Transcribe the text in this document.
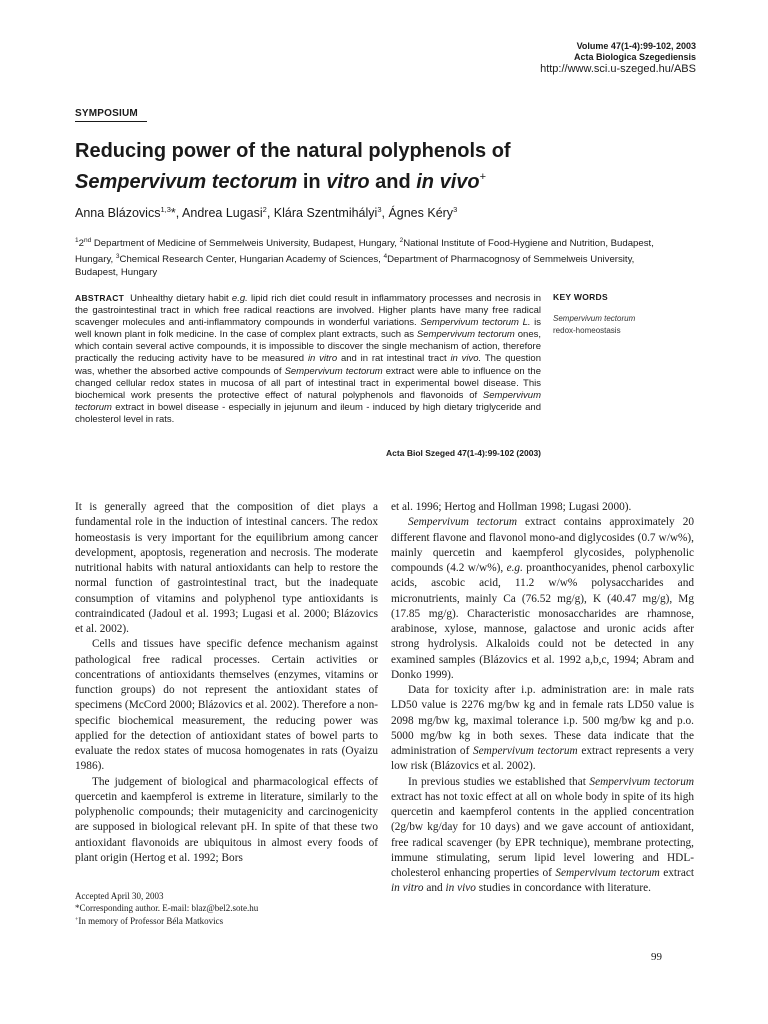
Volume 47(1-4):99-102, 2003
Acta Biologica Szegediensis
http://www.sci.u-szeged.hu/ABS
SYMPOSIUM
Reducing power of the natural polyphenols of
Sempervivum tectorum in vitro and in vivo+
Anna Blázovics$^{1,3}$*, Andrea Lugasi$^2$, Klára Szentmihályi$^3$, Ágnes Kéry$^3$
$^1$2nd Department of Medicine of Semmelweis University, Budapest, Hungary, $^2$National Institute of Food-Hygiene and Nutrition, Budapest, Hungary, $^3$Chemical Research Center, Hungarian Academy of Sciences, $^4$Department of Pharmacognosy of Semmelweis University, Budapest, Hungary
ABSTRACT Unhealthy dietary habit e.g. lipid rich diet could result in inflammatory processes and necrosis in the gastrointestinal tract in which free radical reactions are involved. Higher plants have many free radical scavenger molecules and anti-inflammatory compounds in wonderful variations. Sempervivum tectorum L. is well known plant in folk medicine. In the case of complex plant extracts, such as Sempervivum tectorum ones, which contain several active compounds, it is impossible to discover the single mechanism of action, therefore practically the reducing activity have to be measured in vitro and in rat intestinal tract in vivo. The question was, whether the absorbed active compounds of Sempervivum tectorum extract were able to influence on the changed cellular redox states in mucosa of all part of intestinal tract in experimental bowel disease. This biochemical work presents the protective effect of natural polyphenols and flavonoids of Sempervivum tectorum extract in bowel disease - especially in jejunum and ileum - induced by high dietary triglyceride and cholesterol level in rats.
Acta Biol Szeged 47(1-4):99-102 (2003)
KEY WORDS
Sempervivum tectorum
redox-homeostasis

It is generally agreed that the composition of diet plays a fundamental role in the induction of intestinal cancers. The redox homeostasis is very important for the equilibrium among cancer development, apoptosis, regeneration and necrosis. The moderate nutritional habits with natural antioxidants can help to restore the normal function of gastrointestinal tract, but the inadequate consumption of vitamins and polyphenol type antioxidants is contraindicated (Jadoul et al. 1993; Lugasi et al. 2000; Blázovics et al. 2002).

Cells and tissues have specific defence mechanism against pathological free radical processes. Certain activities or concentrations of antioxidants themselves (enzymes, vitamins or function groups) do not represent the antioxidant states of specimens (McCord 2000; Blázovics et al. 2002). Therefore a non-specific biochemical measurement, the reducing power was applied for the detection of antioxidant states of bowel parts to evaluate the redox states of mucosa homogenates in rats (Oyaizu 1986).

The judgement of biological and pharmacological effects of quercetin and kaempferol is extreme in literature, similarly to the polyphenolic compounds; their mutagenicity and carcinogenicity are supposed in biological relevant pH. In spite of that these two antioxidant flavonoids are ubiquitous in almost every foods of plant origin (Hertog et al. 1992; Bors

et al. 1996; Hertog and Hollman 1998; Lugasi 2000).

Sempervivum tectorum extract contains approximately 20 different flavone and flavonol mono-and diglycosides (0.7 w/w%), mainly quercetin and kaempferol glycosides, polyphenolic compounds (4.2 w/w%), e.g. proanthocyanides, phenol carboxylic acids, ascobic acid, 11.2 w/w% polysaccharides and micronutrients, mainly Ca (76.52 mg/g), K (40.47 mg/g), Mg (17.85 mg/g). Characteristic monosaccharides are rhamnose, arabinose, xylose, mannose, galactose and uronic acids after strong hydrolysis. Alkaloids could not be detected in any examined samples (Blázovics et al. 1992 a,b,c, 1994; Abram and Donko 1999).

Data for toxicity after i.p. administration are: in male rats LD50 value is 2276 mg/bw kg and in female rats LD50 value is 2098 mg/bw kg, maximal tolerance i.p. 500 mg/bw kg and p.o. 5000 mg/bw kg in both sexes. These data indicate that the administration of Sempervivum tectorum extract represents a very low risk (Blázovics et al. 2002).

In previous studies we established that Sempervivum tectorum extract has not toxic effect at all on whole body in spite of its high quercetin and kaempferol contents in the applied concentration (2g/bw kg/day for 10 days) and we gave account of antioxidant, free radical scavenger (by EPR technique), membrane protecting, immune stimulating, serum lipid level lowering and HDL-cholesterol enhancing properties of Sempervivum tectorum extract in vitro and in vivo studies in concordance with literature.

Accepted April 30, 2003
*Corresponding author. E-mail: blaz@bel2.sote.hu
+In memory of Professor Béla Matkovics
99
